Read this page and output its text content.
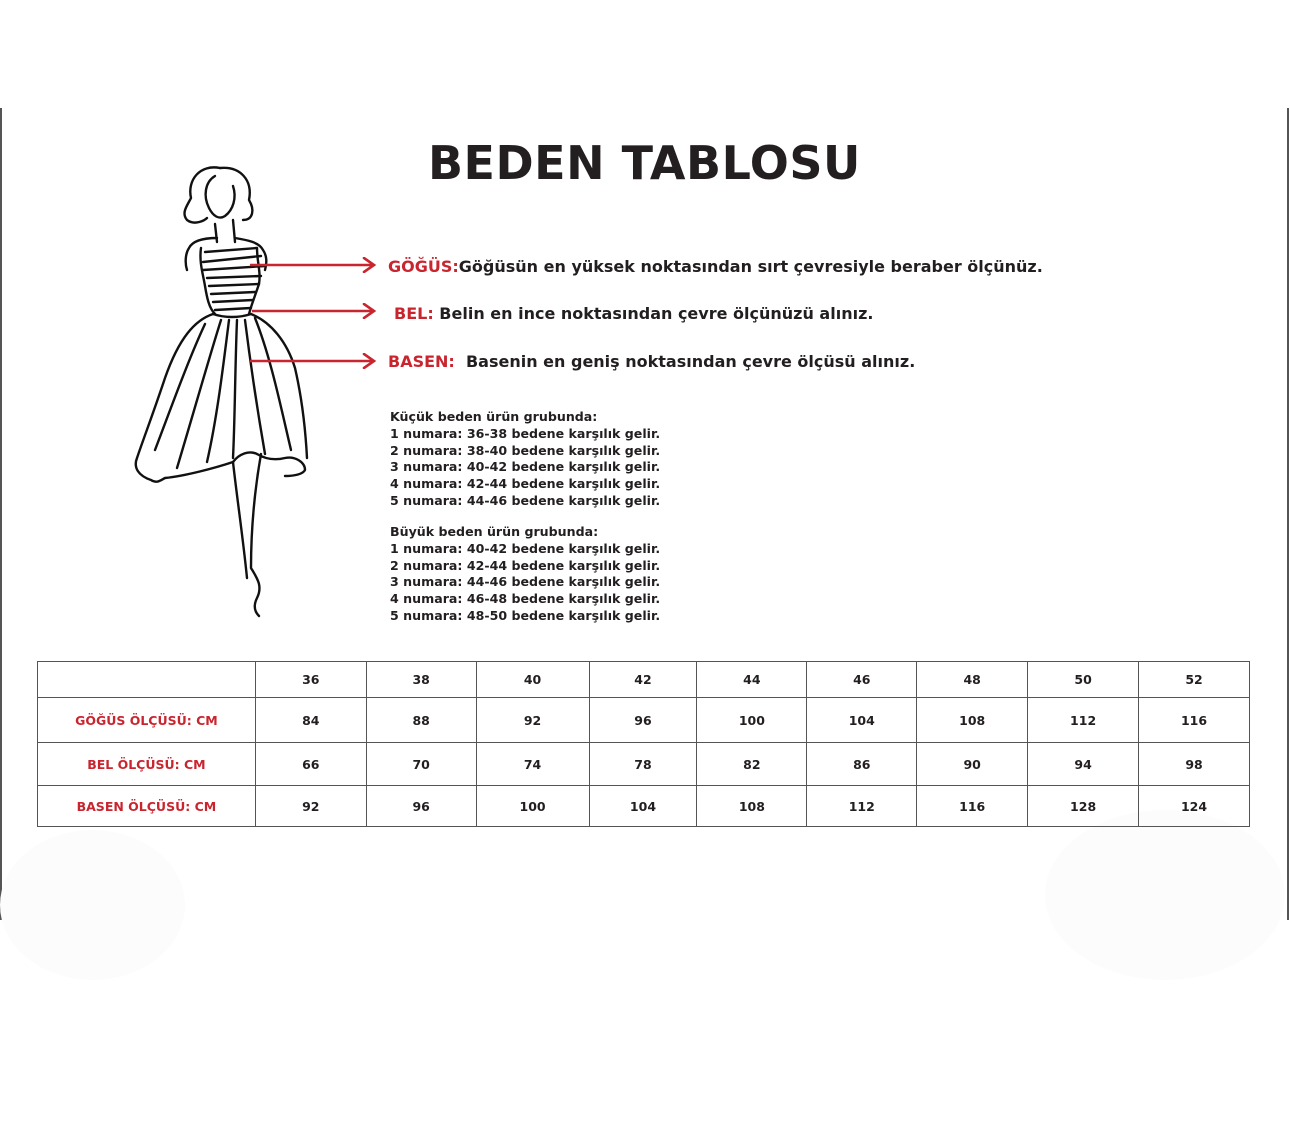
BEDEN TABLOSU
GÖĞÜS:Göğüsün en yüksek noktasından sırt çevresiyle beraber ölçünüz.
BEL: Belin en ince noktasından çevre ölçünüzü alınız.
BASEN: Basenin en geniş noktasından çevre ölçüsü alınız.
Küçük beden ürün grubunda:
1 numara: 36-38 bedene karşılık gelir.
2 numara: 38-40 bedene karşılık gelir.
3 numara: 40-42 bedene karşılık gelir.
4 numara: 42-44 bedene karşılık gelir.
5 numara: 44-46 bedene karşılık gelir.
Büyük beden ürün grubunda:
1 numara: 40-42 bedene karşılık gelir.
2 numara: 42-44 bedene karşılık gelir.
3 numara: 44-46 bedene karşılık gelir.
4 numara: 46-48 bedene karşılık gelir.
5 numara: 48-50 bedene karşılık gelir.
	36	38	40	42	44	46	48	50	52
GÖĞÜS ÖLÇÜSÜ: CM	84	88	92	96	100	104	108	112	116
BEL ÖLÇÜSÜ: CM	66	70	74	78	82	86	90	94	98
BASEN ÖLÇÜSÜ: CM	92	96	100	104	108	112	116	128	124
